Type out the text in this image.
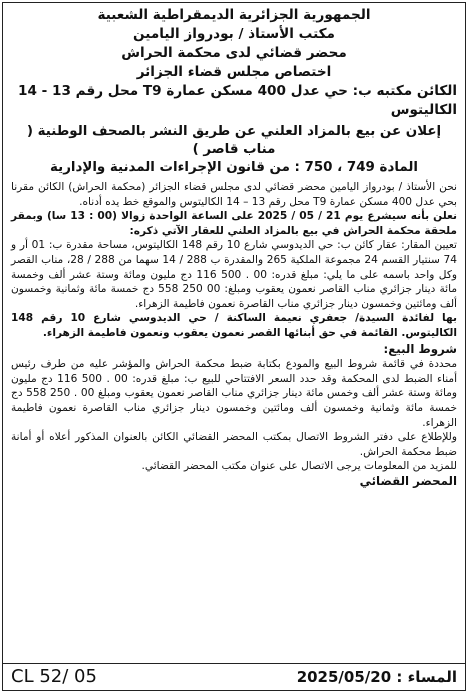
الجمهورية الجزائرية الديمقراطية الشعبية
مكتب الأستاذ / بودرواز اليامين
محضر قضائي لدى محكمة الحراش
اختصاص مجلس قضاء الجزائر
الكائن مكتبه ب: حي عدل 400 مسكن عمارة T9 محل رقم 13 - 14 الكاليتوس
إعلان عن بيع بالمزاد العلني عن طريق النشر بالصحف الوطنية ( مناب قاصر )
المادة 749 ، 750 : من قانون الإجراءات المدنية والإدارية

نحن الأستاذ / بودرواز اليامين محضر قضائي لدى مجلس قضاء الجزائر (محكمة الحراش) الكائن مقرنا بحي عدل 400 مسكن عمارة T9 محل رقم 13 – 14 الكاليتوس والموقع خط يده أدناه.

نعلن بأنه سيشرع يوم 21 / 05 / 2025 على الساعة الواحدة زوالا (00 : 13 سا) وبمقر ملحقة محكمة الحراش في بيع بالمزاد العلني للعقار الآتي ذكره:

تعيين المقار: عقار كائن ب: حي الديدوسي شارع 10 رقم 148 الكاليتوس، مساحة مقدرة ب: 01 أر و 74 سنتيار القسم 24 مجموعة الملكية 265 والمقدرة ب 288 / 14 سهما من 288 / 28، مناب القصر وكل واحد باسمه على ما يلي: مبلغ قدره: 00 . 500 116 دج مليون ومائة وستة عشر ألف وخمسة مائة دينار جزائري مناب القاصر نعمون يعقوب ومبلغ: 00 250 558 دج خمسة مائة وثمانية وخمسون ألف ومائتين وخمسون دينار جزائري مناب القاصرة نعمون فاطيمة الزهراء.

بها لفائدة السيدة/ جعفري نعيمة الساكنة / حي الديدوسي شارع 10 رقم 148 الكاليتوس. القائمة في حق أبنائها القصر نعمون يعقوب ونعمون فاطيمة الزهراء.

شروط البيع:

محددة في قائمة شروط البيع والمودع بكتابة ضبط محكمة الحراش والمؤشر عليه من طرف رئيس أمناء الضبط لدى المحكمة وقد حدد السعر الافتتاحي للبيع ب: مبلغ قدره: 00 . 500 116 دج مليون ومائة وستة عشر ألف وخمس مائة دينار جزائري مناب القاصر نعمون يعقوب ومبلغ 00 . 250 558 دج خمسة مائة وثمانية وخمسون ألف ومائتين وخمسون دينار جزائري مناب القاصرة نعمون فاطيمة الزهراء.

وللإطلاع على دفتر الشروط الاتصال بمكتب المحضر القضائي الكائن بالعنوان المذكور أعلاه أو أمانة ضبط محكمة الحراش.

للمزيد من المعلومات يرجى الاتصال على عنوان مكتب المحضر القضائي.

المحضر القضائي
CL 52/ 05	المساء : 2025/05/20
